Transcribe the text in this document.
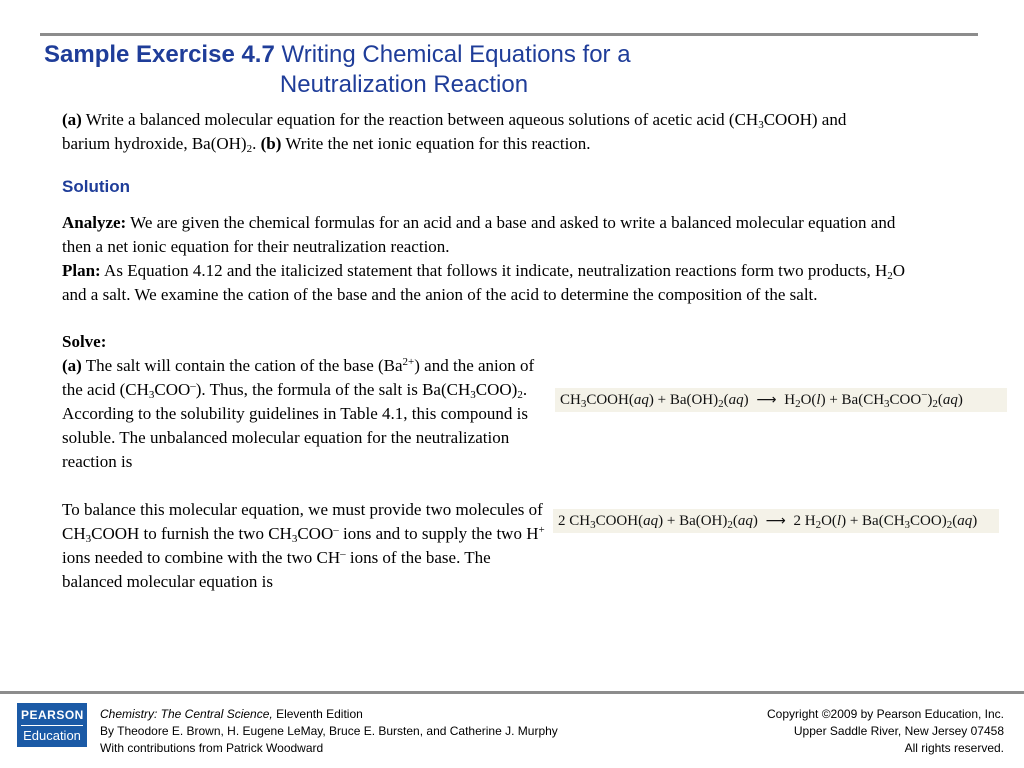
Sample Exercise 4.7 Writing Chemical Equations for a
Neutralization Reaction
(a) Write a balanced molecular equation for the reaction between aqueous solutions of acetic acid $(CH_3COOH)$ and barium hydroxide, $Ba(OH)_2$. (b) Write the net ionic equation for this reaction.
Solution
Analyze: We are given the chemical formulas for an acid and a base and asked to write a balanced molecular equation and then a net ionic equation for their neutralization reaction.
Plan: As Equation 4.12 and the italicized statement that follows it indicate, neutralization reactions form two products, $H_2O$ and a salt. We examine the cation of the base and the anion of the acid to determine the composition of the salt.
Solve:
(a) The salt will contain the cation of the base $(Ba^{2+})$ and the anion of the acid $(CH_3COO^-)$. Thus, the formula of the salt is $Ba(CH_3COO)_2$. According to the solubility guidelines in Table 4.1, this compound is soluble. The unbalanced molecular equation for the neutralization reaction is
To balance this molecular equation, we must provide two molecules of $CH_3COOH$ to furnish the two $CH_3COO^-$ ions and to supply the two H+ ions needed to combine with the two CH– ions of the base. The balanced molecular equation is
$CH_3COOH(aq) + Ba(OH)_2(aq)$ ⟶ $H_2O(l) + Ba(CH_3COO^-)_2(aq)$
2 $CH_3COOH(aq) + Ba(OH)_2(aq)$ ⟶ 2 $H_2O(l) + Ba(CH_3COO)_2(aq)$
PEARSON
Education
Chemistry: The Central Science, Eleventh Edition
By Theodore E. Brown, H. Eugene LeMay, Bruce E. Bursten, and Catherine J. Murphy
With contributions from Patrick Woodward
Copyright ©2009 by Pearson Education, Inc.
Upper Saddle River, New Jersey 07458
All rights reserved.
